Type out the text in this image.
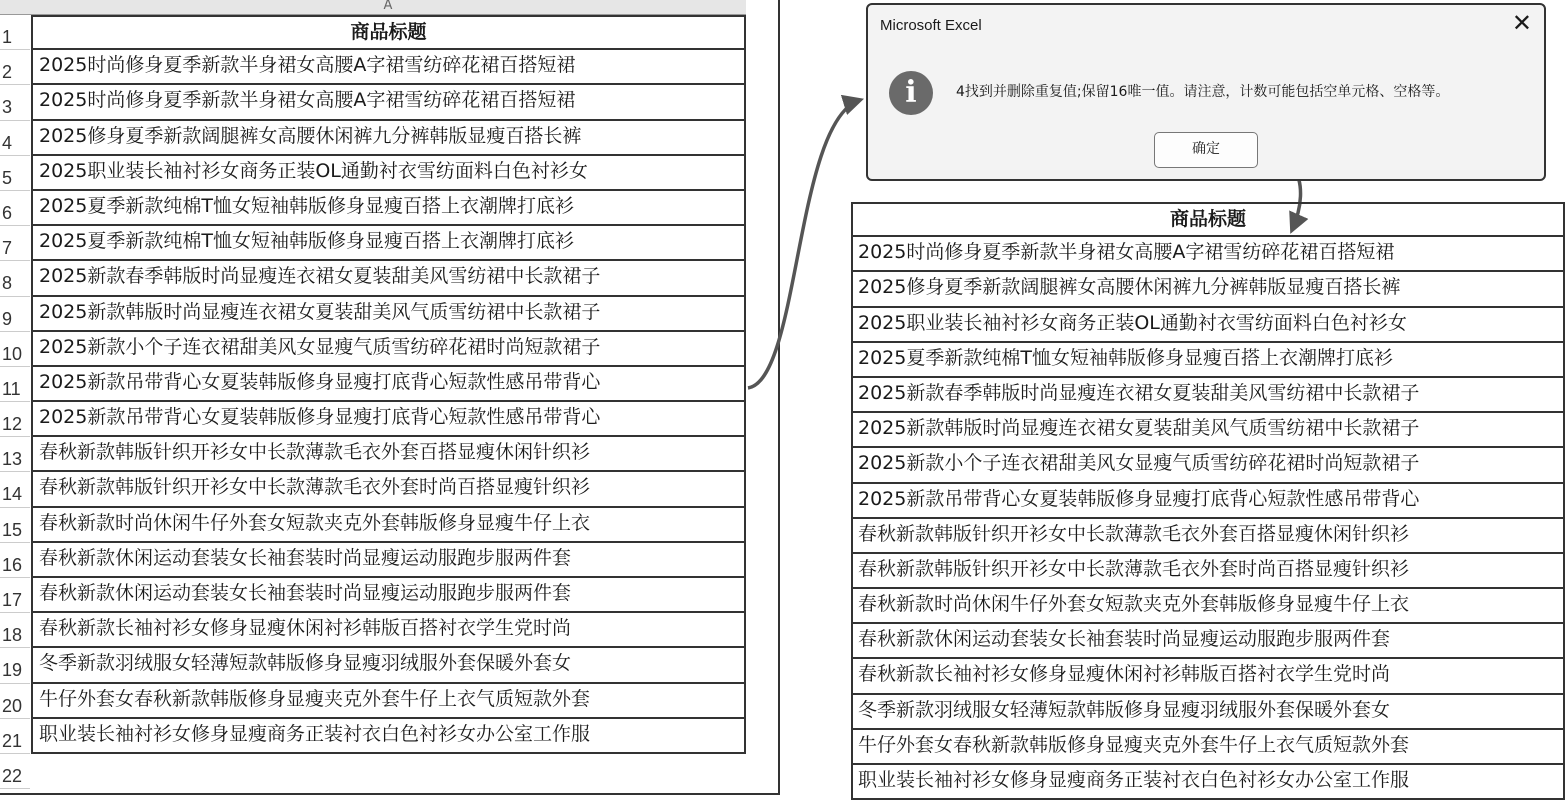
A
1
2
3
4
5
6
7
8
9
10
11
12
13
14
15
16
17
18
19
20
21
22
商品标题
2025时尚修身夏季新款半身裙女高腰A字裙雪纺碎花裙百搭短裙
2025时尚修身夏季新款半身裙女高腰A字裙雪纺碎花裙百搭短裙
2025修身夏季新款阔腿裤女高腰休闲裤九分裤韩版显瘦百搭长裤
2025职业装长袖衬衫女商务正装OL通勤衬衣雪纺面料白色衬衫女
2025夏季新款纯棉T恤女短袖韩版修身显瘦百搭上衣潮牌打底衫
2025夏季新款纯棉T恤女短袖韩版修身显瘦百搭上衣潮牌打底衫
2025新款春季韩版时尚显瘦连衣裙女夏装甜美风雪纺裙中长款裙子
2025新款韩版时尚显瘦连衣裙女夏装甜美风气质雪纺裙中长款裙子
2025新款小个子连衣裙甜美风女显瘦气质雪纺碎花裙时尚短款裙子
2025新款吊带背心女夏装韩版修身显瘦打底背心短款性感吊带背心
2025新款吊带背心女夏装韩版修身显瘦打底背心短款性感吊带背心
春秋新款韩版针织开衫女中长款薄款毛衣外套百搭显瘦休闲针织衫
春秋新款韩版针织开衫女中长款薄款毛衣外套时尚百搭显瘦针织衫
春秋新款时尚休闲牛仔外套女短款夹克外套韩版修身显瘦牛仔上衣
春秋新款休闲运动套装女长袖套装时尚显瘦运动服跑步服两件套
春秋新款休闲运动套装女长袖套装时尚显瘦运动服跑步服两件套
春秋新款长袖衬衫女修身显瘦休闲衬衫韩版百搭衬衣学生党时尚
冬季新款羽绒服女轻薄短款韩版修身显瘦羽绒服外套保暖外套女
牛仔外套女春秋新款韩版修身显瘦夹克外套牛仔上衣气质短款外套
职业装长袖衬衫女修身显瘦商务正装衬衣白色衬衫女办公室工作服
Microsoft Excel	✕
i	4找到并删除重复值;保留16唯一值。请注意，计数可能包括空单元格、空格等。
确定
商品标题
2025时尚修身夏季新款半身裙女高腰A字裙雪纺碎花裙百搭短裙
2025修身夏季新款阔腿裤女高腰休闲裤九分裤韩版显瘦百搭长裤
2025职业装长袖衬衫女商务正装OL通勤衬衣雪纺面料白色衬衫女
2025夏季新款纯棉T恤女短袖韩版修身显瘦百搭上衣潮牌打底衫
2025新款春季韩版时尚显瘦连衣裙女夏装甜美风雪纺裙中长款裙子
2025新款韩版时尚显瘦连衣裙女夏装甜美风气质雪纺裙中长款裙子
2025新款小个子连衣裙甜美风女显瘦气质雪纺碎花裙时尚短款裙子
2025新款吊带背心女夏装韩版修身显瘦打底背心短款性感吊带背心
春秋新款韩版针织开衫女中长款薄款毛衣外套百搭显瘦休闲针织衫
春秋新款韩版针织开衫女中长款薄款毛衣外套时尚百搭显瘦针织衫
春秋新款时尚休闲牛仔外套女短款夹克外套韩版修身显瘦牛仔上衣
春秋新款休闲运动套装女长袖套装时尚显瘦运动服跑步服两件套
春秋新款长袖衬衫女修身显瘦休闲衬衫韩版百搭衬衣学生党时尚
冬季新款羽绒服女轻薄短款韩版修身显瘦羽绒服外套保暖外套女
牛仔外套女春秋新款韩版修身显瘦夹克外套牛仔上衣气质短款外套
职业装长袖衬衫女修身显瘦商务正装衬衣白色衬衫女办公室工作服
